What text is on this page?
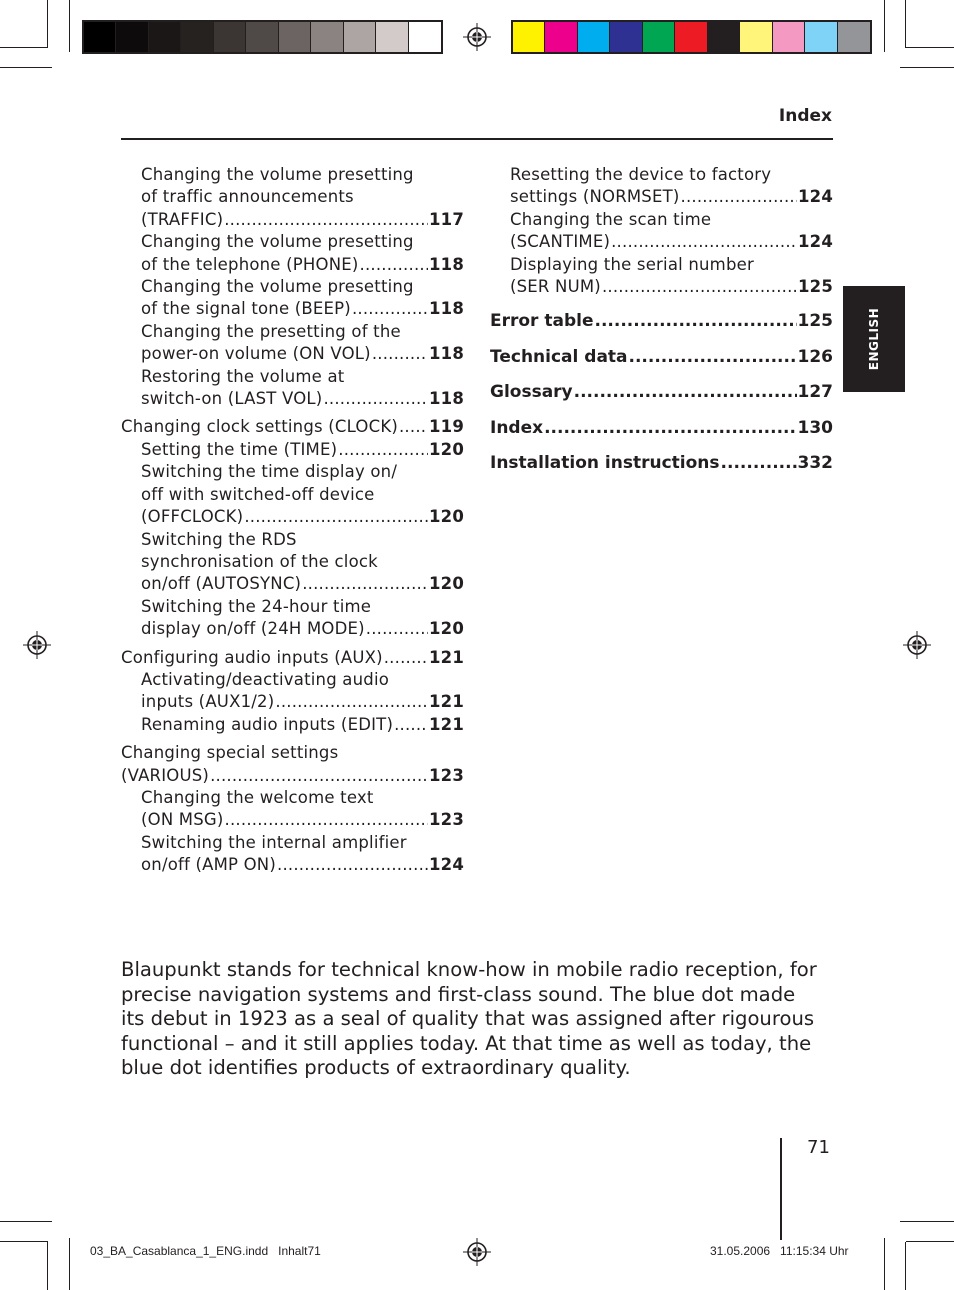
Index
ENGLISH
Changing the volume presetting
of traffic announcements
(TRAFFIC) .....	117
Changing the volume presetting
of the telephone (PHONE) .....	118
Changing the volume presetting
of the signal tone (BEEP) .....	118
Changing the presetting of the
power-on volume (ON VOL) .....	118
Restoring the volume at
switch-on (LAST VOL) .....	118
Changing clock settings (CLOCK) ..... 119
Setting the time (TIME) .....	120
Switching the time display on/
off with switched-off device
(OFFCLOCK) .....	120
Switching the RDS
synchronisation of the clock
on/off (AUTOSYNC) .....	120
Switching the 24-hour time
display on/off (24H MODE) .....	120
Configuring audio inputs (AUX) .....	121
Activating/deactivating audio
inputs (AUX1/2) .....	121
Renaming audio inputs (EDIT) ..... 121
Changing special settings
(VARIOUS) .....	123
Changing the welcome text
(ON MSG) .....	123
Switching the internal amplifier
on/off (AMP ON) .....	124
Resetting the device to factory
settings (NORMSET) .....	124
Changing the scan time
(SCANTIME) .....	124
Displaying the serial number
(SER NUM) .....	125
Error table .....	125
Technical data .....	126
Glossary .....	127
Index .....	130
Installation instructions .....	332
Blaupunkt stands for technical know-how in mobile radio reception, for precise navigation systems and first-class sound. The blue dot made its debut in 1923 as a seal of quality that was assigned after rigourous functional – and it still applies today. At that time as well as today, the blue dot identifies products of extraordinary quality.
71
03_BA_Casablanca_1_ENG.indd   Inhalt71	31.05.2006   11:15:34 Uhr
